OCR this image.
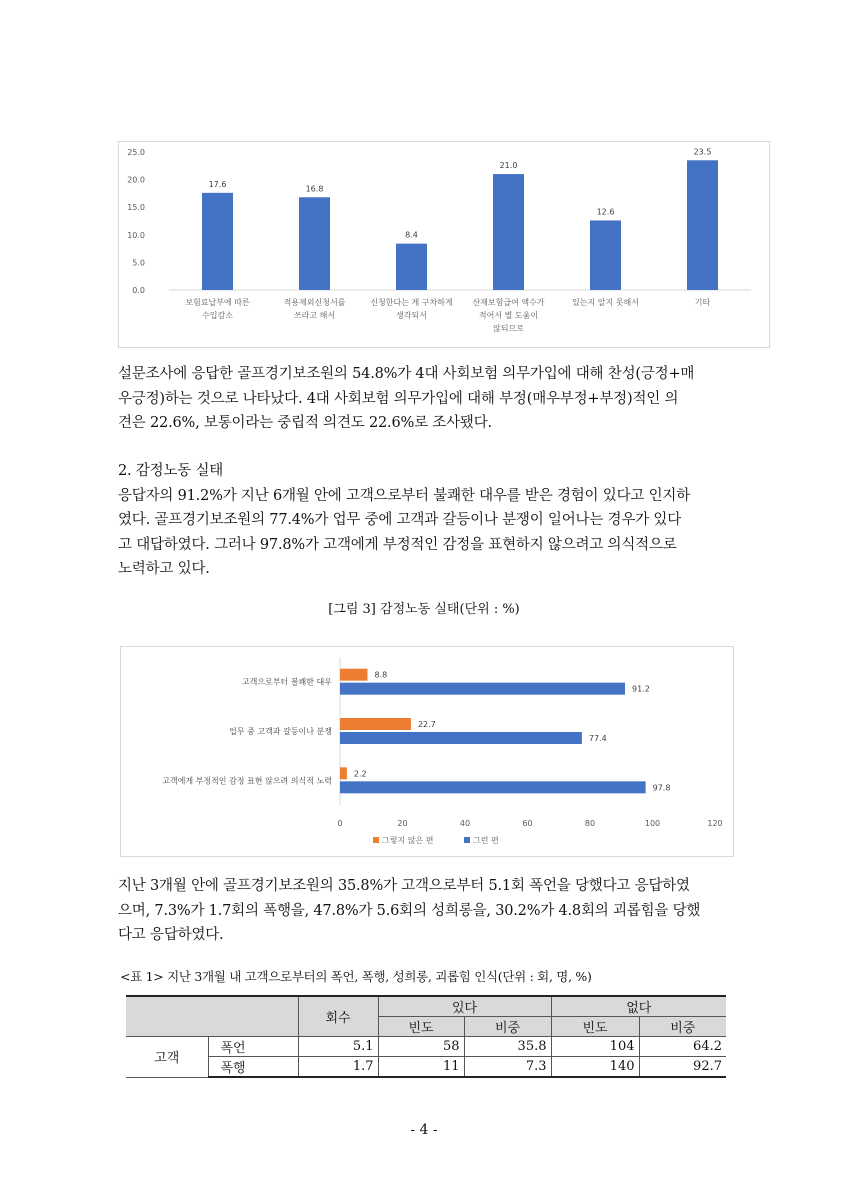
0.0
5.0
10.0
15.0
20.0
25.0
17.6
보험료납부에 따른 수입감소
16.8
적용제외신청서를 쓰라고 해서
8.4
신청한다는 게 구차하게 생각되서
21.0
산재보험급여 액수가 적어서 별 도움이 않되므로
12.6
있는지 알지 못해서
23.5
기타
설문조사에 응답한 골프경기보조원의 54.8%가 4대 사회보험 의무가입에 대해 찬성(긍정+매
우긍정)하는 것으로 나타났다. 4대 사회보험 의무가입에 대해 부정(매우부정+부정)적인 의
견은 22.6%, 보통이라는 중립적 의견도 22.6%로 조사됐다.
2. 감정노동 실태
응답자의 91.2%가 지난 6개월 안에 고객으로부터 불쾌한 대우를 받은 경험이 있다고 인지하
였다. 골프경기보조원의 77.4%가 업무 중에 고객과 갈등이나 분쟁이 일어나는 경우가 있다
고 대답하였다. 그러나 97.8%가 고객에게 부정적인 감정을 표현하지 않으려고 의식적으로
노력하고 있다.
[그림 3] 감정노동 실태(단위 : %)
0	20	40	60	80	100	120
고객으로부터 불쾌한 대우
8.8
91.2
업무 중 고객과 갈등이나 분쟁
22.7
77.4
고객에게 부정적인 감정 표현 않으려 의식적 노력
2.2
97.8
그렇지 않은 편	그런 편
지난 3개월 안에 골프경기보조원의 35.8%가 고객으로부터 5.1회 폭언을 당했다고 응답하였
으며, 7.3%가 1.7회의 폭행을, 47.8%가 5.6회의 성희롱을, 30.2%가 4.8회의 괴롭힘을 당했
다고 응답하였다.
<표 1> 지난 3개월 내 고객으로부터의 폭언, 폭행, 성희롱, 괴롭힘 인식(단위 : 회, 명, %)
		회수	있다		없다	
			빈도	비중	빈도	비중
고객	폭언	5.1	58	35.8	104	64.2
	폭행	1.7	11	7.3	140	92.7
- 4 -
